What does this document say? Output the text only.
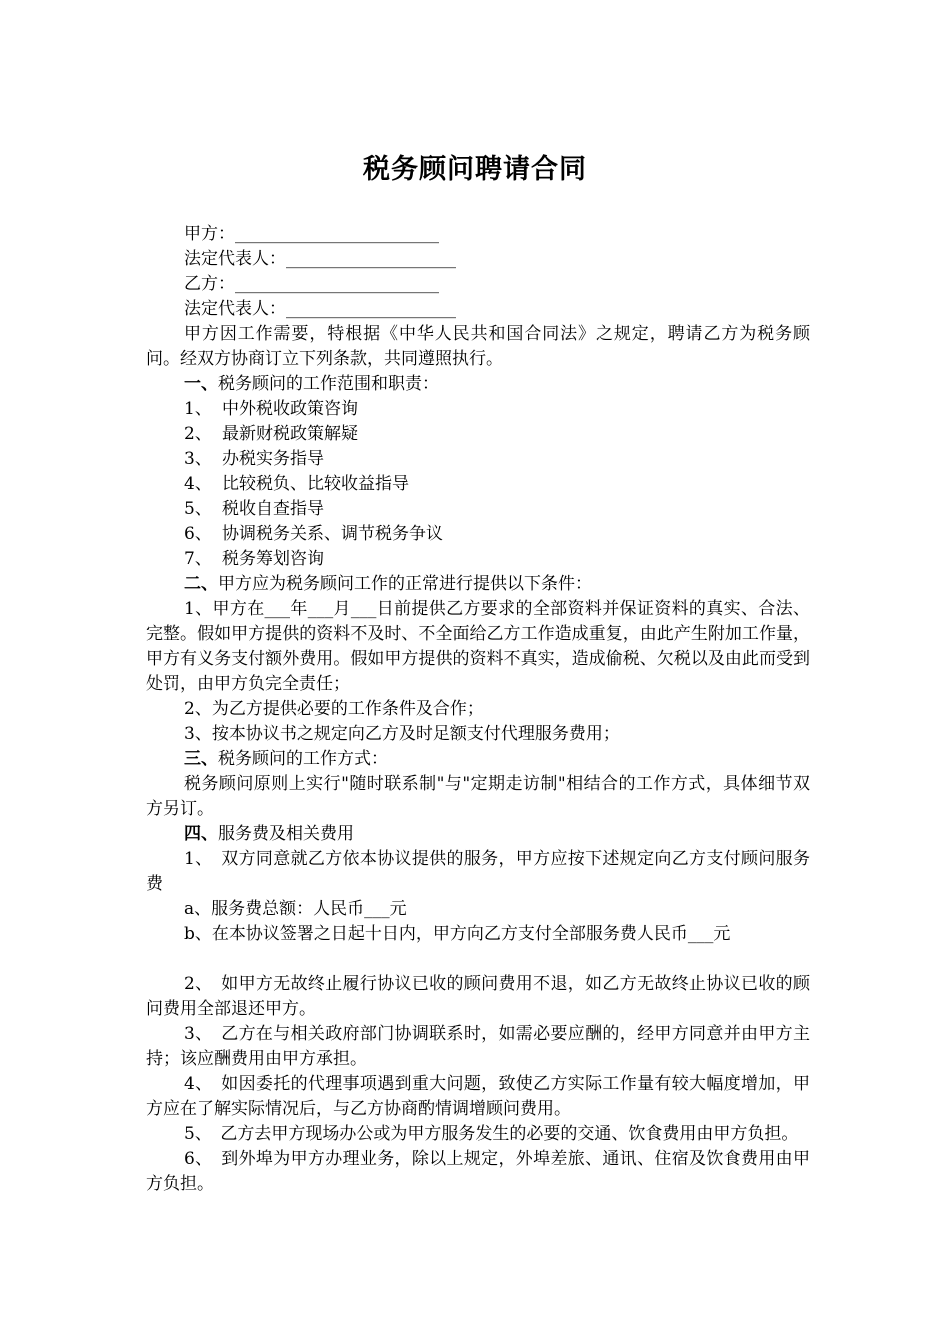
税务顾问聘请合同
甲方：________________________
法定代表人：____________________
乙方：________________________
法定代表人：____________________
甲方因工作需要，特根据《中华人民共和国合同法》之规定，聘请乙方为税务顾问。经双方协商订立下列条款，共同遵照执行。
一、税务顾问的工作范围和职责：
1、 中外税收政策咨询
2、 最新财税政策解疑
3、 办税实务指导
4、 比较税负、比较收益指导
5、 税收自查指导
6、 协调税务关系、调节税务争议
7、 税务筹划咨询
二、甲方应为税务顾问工作的正常进行提供以下条件：
1、甲方在___年___月___日前提供乙方要求的全部资料并保证资料的真实、合法、完整。假如甲方提供的资料不及时、不全面给乙方工作造成重复，由此产生附加工作量，甲方有义务支付额外费用。假如甲方提供的资料不真实，造成偷税、欠税以及由此而受到处罚，由甲方负完全责任；
2、为乙方提供必要的工作条件及合作；
3、按本协议书之规定向乙方及时足额支付代理服务费用；
三、税务顾问的工作方式：
税务顾问原则上实行"随时联系制"与"定期走访制"相结合的工作方式，具体细节双方另订。
四、服务费及相关费用
1、　双方同意就乙方依本协议提供的服务，甲方应按下述规定向乙方支付顾问服务费
a、服务费总额：人民币___元
b、在本协议签署之日起十日内，甲方向乙方支付全部服务费人民币___元
2、　如甲方无故终止履行协议已收的顾问费用不退，如乙方无故终止协议已收的顾问费用全部退还甲方。
3、　乙方在与相关政府部门协调联系时，如需必要应酬的，经甲方同意并由甲方主持；该应酬费用由甲方承担。
4、　如因委托的代理事项遇到重大问题，致使乙方实际工作量有较大幅度增加，甲方应在了解实际情况后，与乙方协商酌情调增顾问费用。
5、　乙方去甲方现场办公或为甲方服务发生的必要的交通、饮食费用由甲方负担。
6、　到外埠为甲方办理业务，除以上规定，外埠差旅、通讯、住宿及饮食费用由甲方负担。
